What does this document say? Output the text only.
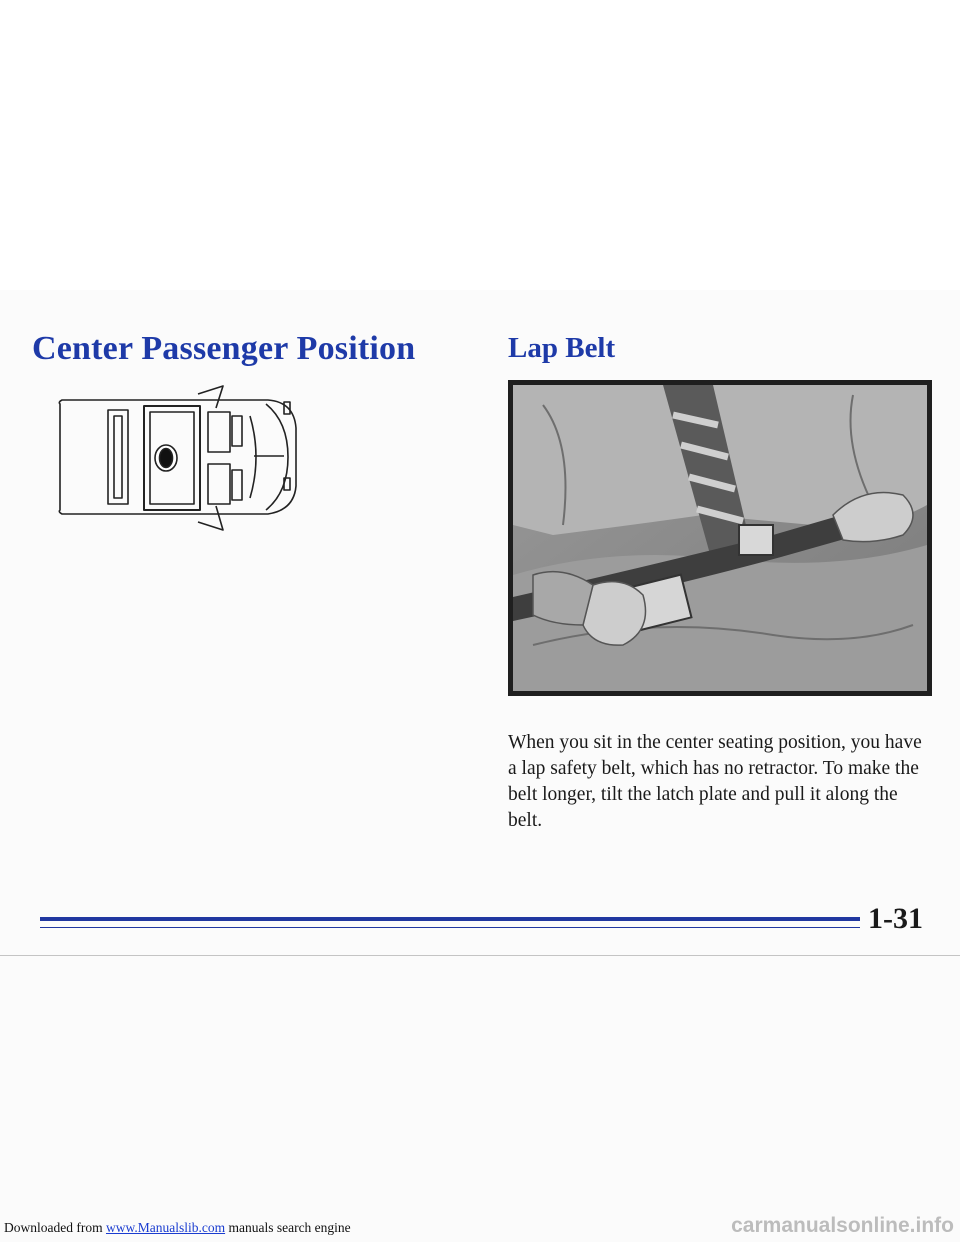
Center Passenger Position	Lap Belt

When you sit in the center seating position, you have a lap safety belt, which has no retractor. To make the belt longer, tilt the latch plate and pull it along the belt.

1-31

Downloaded from www.Manualslib.com manuals search engine	carmanualsonline.info
